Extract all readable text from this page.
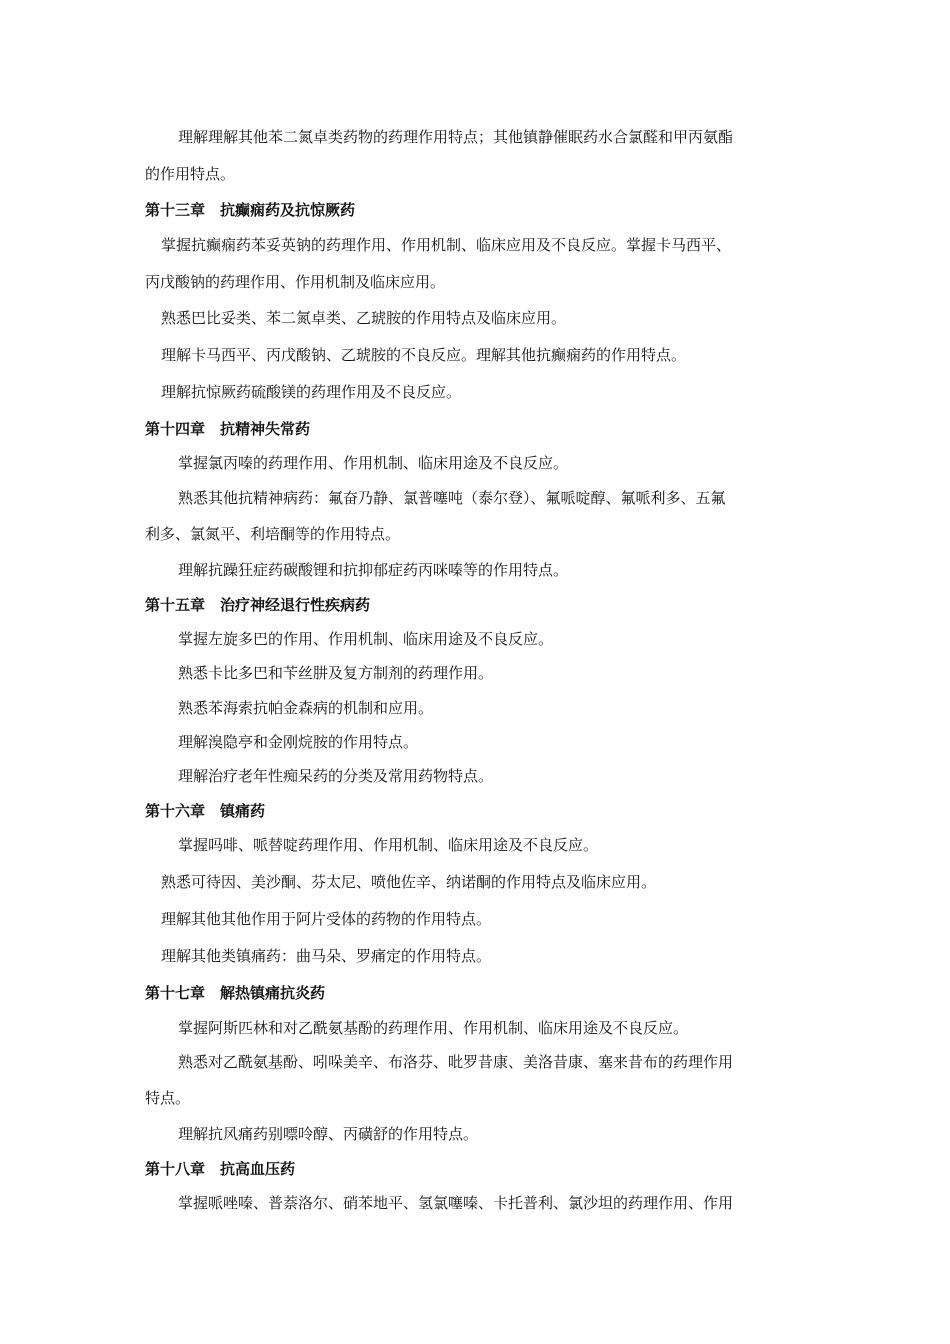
理解理解其他苯二氮卓类药物的药理作用特点；其他镇静催眠药水合氯醛和甲丙氨酯
的作用特点。
第十三章　抗癫痫药及抗惊厥药
掌握抗癫痫药苯妥英钠的药理作用、作用机制、临床应用及不良反应。掌握卡马西平、
丙戊酸钠的药理作用、作用机制及临床应用。
熟悉巴比妥类、苯二氮卓类、乙琥胺的作用特点及临床应用。
理解卡马西平、丙戊酸钠、乙琥胺的不良反应。理解其他抗癫痫药的作用特点。
理解抗惊厥药硫酸镁的药理作用及不良反应。
第十四章　抗精神失常药
掌握氯丙嗪的药理作用、作用机制、临床用途及不良反应。
熟悉其他抗精神病药：氟奋乃静、氯普噻吨（泰尔登）、氟哌啶醇、氟哌利多、五氟
利多、氯氮平、利培酮等的作用特点。
理解抗躁狂症药碳酸锂和抗抑郁症药丙咪嗪等的作用特点。
第十五章　治疗神经退行性疾病药
掌握左旋多巴的作用、作用机制、临床用途及不良反应。
熟悉卡比多巴和苄丝肼及复方制剂的药理作用。
熟悉苯海索抗帕金森病的机制和应用。
理解溴隐亭和金刚烷胺的作用特点。
理解治疗老年性痴呆药的分类及常用药物特点。
第十六章　镇痛药
掌握吗啡、哌替啶药理作用、作用机制、临床用途及不良反应。
熟悉可待因、美沙酮、芬太尼、喷他佐辛、纳诺酮的作用特点及临床应用。
理解其他其他作用于阿片受体的药物的作用特点。
理解其他类镇痛药：曲马朵、罗痛定的作用特点。
第十七章　解热镇痛抗炎药
掌握阿斯匹林和对乙酰氨基酚的药理作用、作用机制、临床用途及不良反应。
熟悉对乙酰氨基酚、吲哚美辛、布洛芬、吡罗昔康、美洛昔康、塞来昔布的药理作用
特点。
理解抗风痛药别嘌呤醇、丙磺舒的作用特点。
第十八章　抗高血压药
掌握哌唑嗪、普萘洛尔、硝苯地平、氢氯噻嗪、卡托普利、氯沙坦的药理作用、作用
